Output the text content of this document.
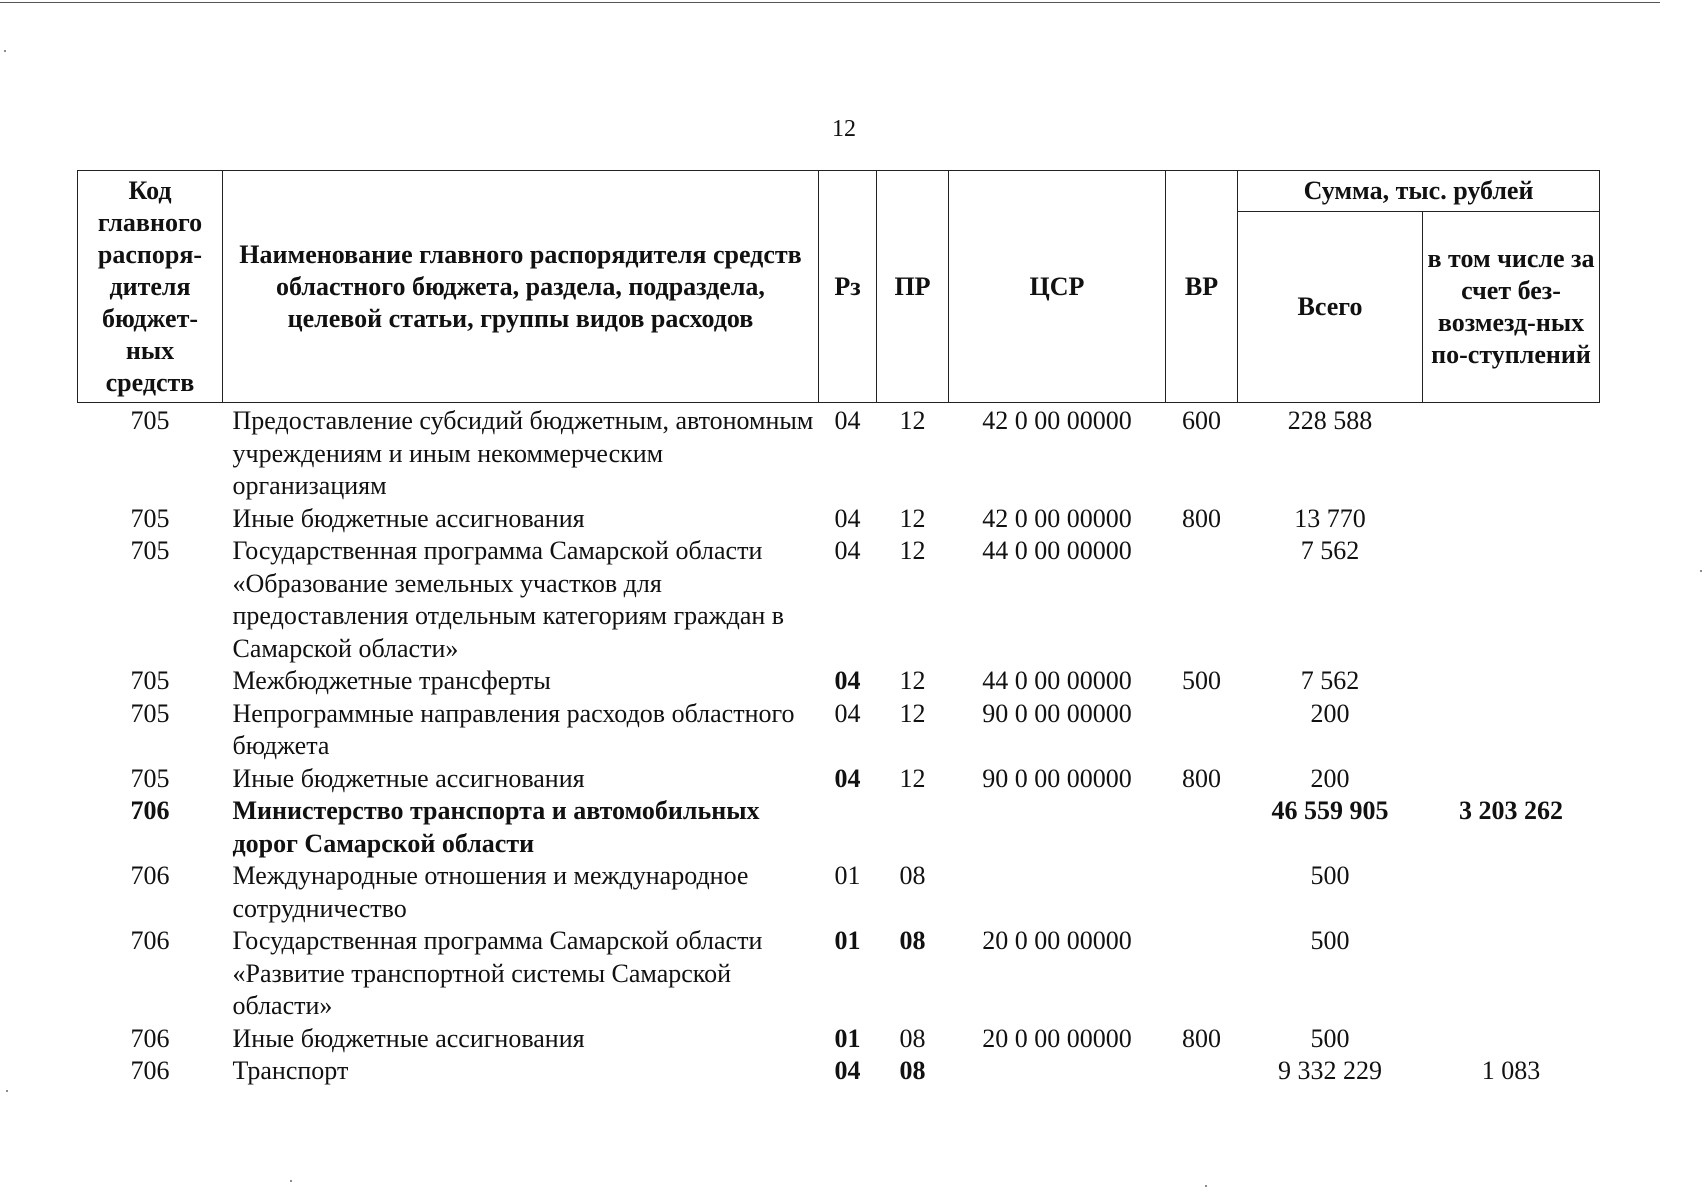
12
Код главного распоря-дителя бюджет-ных средств	Наименование главного распорядителя средств областного бюджета, раздела, подраздела, целевой статьи, группы видов расходов	Рз	ПР	ЦСР	ВР	Сумма, тыс. рублей	
						Всего	в том числе за счет без-возмезд-ных по-ступлений
705	Предоставление субсидий бюджетным, автономным учреждениям и иным некоммерческим организациям	04	12	42 0 00 00000	600	228 588	
705	Иные бюджетные ассигнования	04	12	42 0 00 00000	800	13 770	
705	Государственная программа Самарской области «Образование земельных участков для предоставления отдельным категориям граждан в Самарской области»	04	12	44 0 00 00000		7 562	
705	Межбюджетные трансферты	04	12	44 0 00 00000	500	7 562	
705	Непрограммные направления расходов областного бюджета	04	12	90 0 00 00000		200	
705	Иные бюджетные ассигнования	04	12	90 0 00 00000	800	200	
706	Министерство транспорта и автомобильных дорог Самарской области					46 559 905	3 203 262
706	Международные отношения и международное сотрудничество	01	08			500	
706	Государственная программа Самарской области «Развитие транспортной системы Самарской области»	01	08	20 0 00 00000		500	
706	Иные бюджетные ассигнования	01	08	20 0 00 00000	800	500	
706	Транспорт	04	08			9 332 229	1 083
